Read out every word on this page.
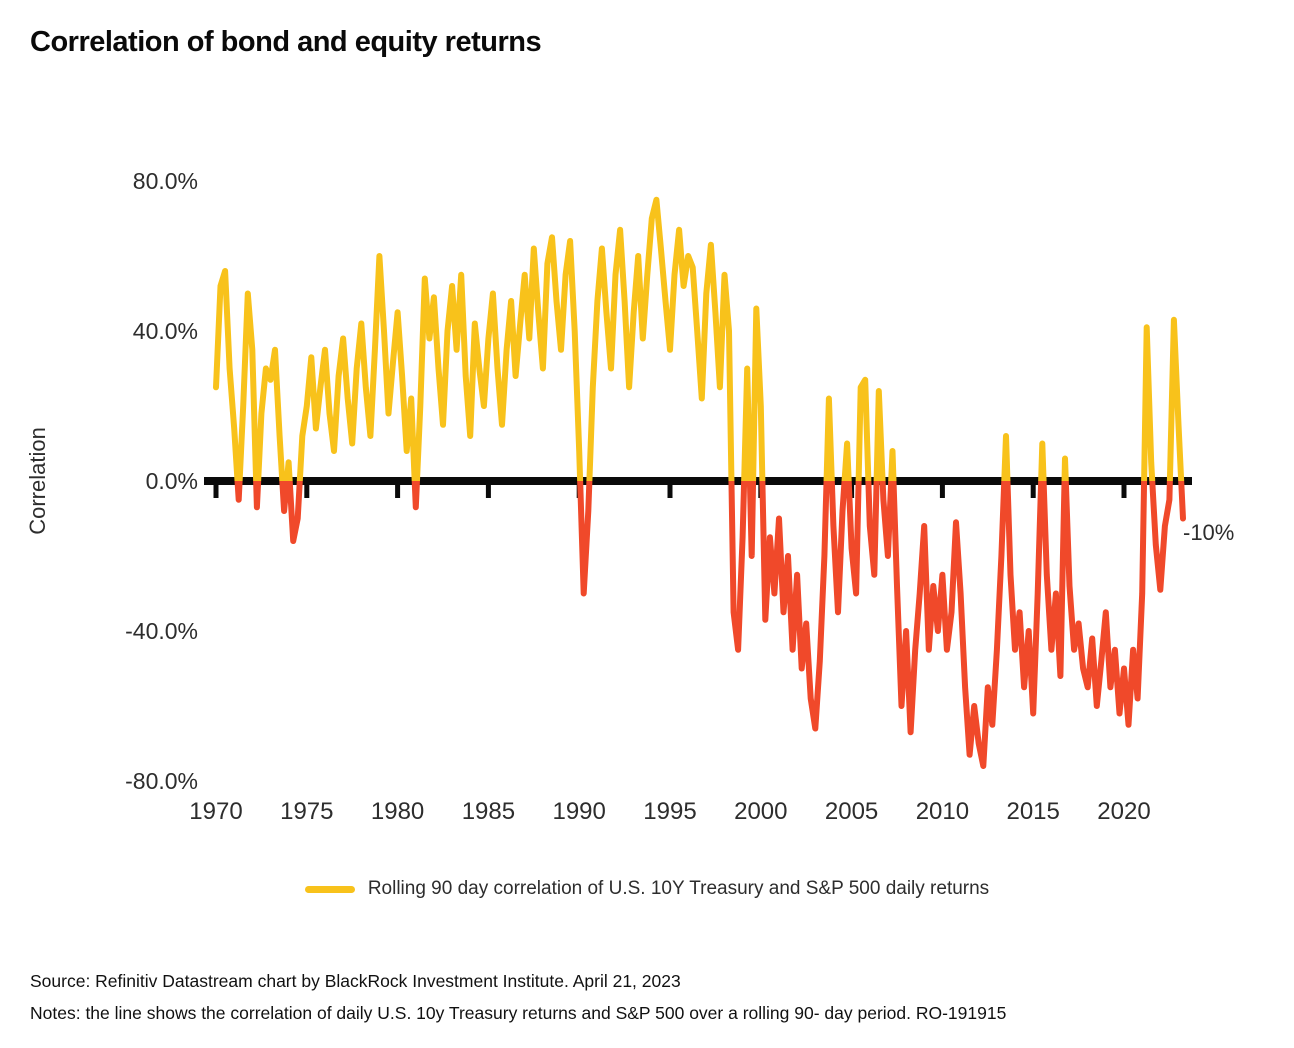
Correlation of bond and equity returns
Correlation
80.0%
40.0%
0.0%
-40.0%
-80.0%
1970	1975	1980	1985	1990	1995	2000	2005	2010	2015	2020
-10%
Rolling 90 day correlation of U.S. 10Y Treasury and S&P 500 daily returns
Source: Refinitiv Datastream chart by BlackRock Investment Institute. April 21, 2023
Notes: the line shows the correlation of daily U.S. 10y Treasury returns and S&P 500 over a rolling 90- day period. RO-191915
